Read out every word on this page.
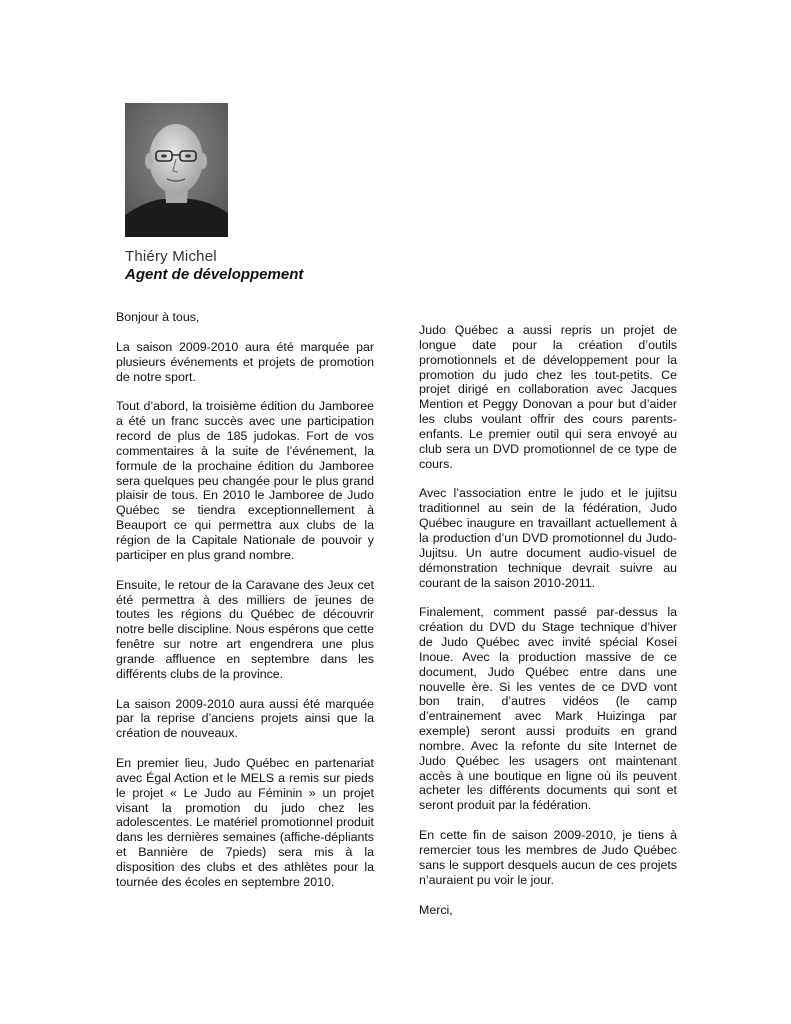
Thiéry Michel
Agent de développement

Bonjour à tous,

La saison 2009-2010 aura été marquée par plusieurs événements et projets de promotion de notre sport.

Tout d’abord, la troisième édition du Jamboree a été un franc succès avec une participation record de plus de 185 judokas. Fort de vos commentaires à la suite de l’événement, la formule de la prochaine édition du Jamboree sera quelques peu changée pour le plus grand plaisir de tous. En 2010 le Jamboree de Judo Québec se tiendra exceptionnellement à Beauport ce qui permettra aux clubs de la région de la Capitale Nationale de pouvoir y participer en plus grand nombre.

Ensuite, le retour de la Caravane des Jeux cet été permettra à des milliers de jeunes de toutes les régions du Québec de découvrir notre belle discipline. Nous espérons que cette fenêtre sur notre art engendrera une plus grande affluence en septembre dans les différents clubs de la province.

La saison 2009-2010 aura aussi été marquée par la reprise d’anciens projets ainsi que la création de nouveaux.

En premier lieu, Judo Québec en partenariat avec Égal Action et le MELS a remis sur pieds le projet « Le Judo au Féminin » un projet visant la promotion du judo chez les adolescentes. Le matériel promotionnel produit dans les dernières semaines (affiche-dépliants et Bannière de 7pieds) sera mis à la disposition des clubs et des athlètes pour la tournée des écoles en septembre 2010.

Judo Québec a aussi repris un projet de longue date pour la création d’outils promotionnels et de développement pour la promotion du judo chez les tout-petits. Ce projet dirigé en collaboration avec Jacques Mention et Peggy Donovan a pour but d’aider les clubs voulant offrir des cours parents-enfants. Le premier outil qui sera envoyé au club sera un DVD promotionnel de ce type de cours.

Avec l’association entre le judo et le jujitsu traditionnel au sein de la fédération, Judo Québec inaugure en travaillant actuellement à la production d’un DVD promotionnel du Judo-Jujitsu. Un autre document audio-visuel de démonstration technique devrait suivre au courant de la saison 2010-2011.

Finalement, comment passé par-dessus la création du DVD du Stage technique d’hiver de Judo Québec avec invité spécial Kosei Inoue. Avec la production massive de ce document, Judo Québec entre dans une nouvelle ère. Si les ventes de ce DVD vont bon train, d’autres vidéos (le camp d’entrainement avec Mark Huizinga par exemple) seront aussi produits en grand nombre. Avec la refonte du site Internet de Judo Québec les usagers ont maintenant accès à une boutique en ligne où ils peuvent acheter les différents documents qui sont et seront produit par la fédération.

En cette fin de saison 2009-2010, je tiens à remercier tous les membres de Judo Québec sans le support desquels aucun de ces projets n’auraient pu voir le jour.

Merci,
